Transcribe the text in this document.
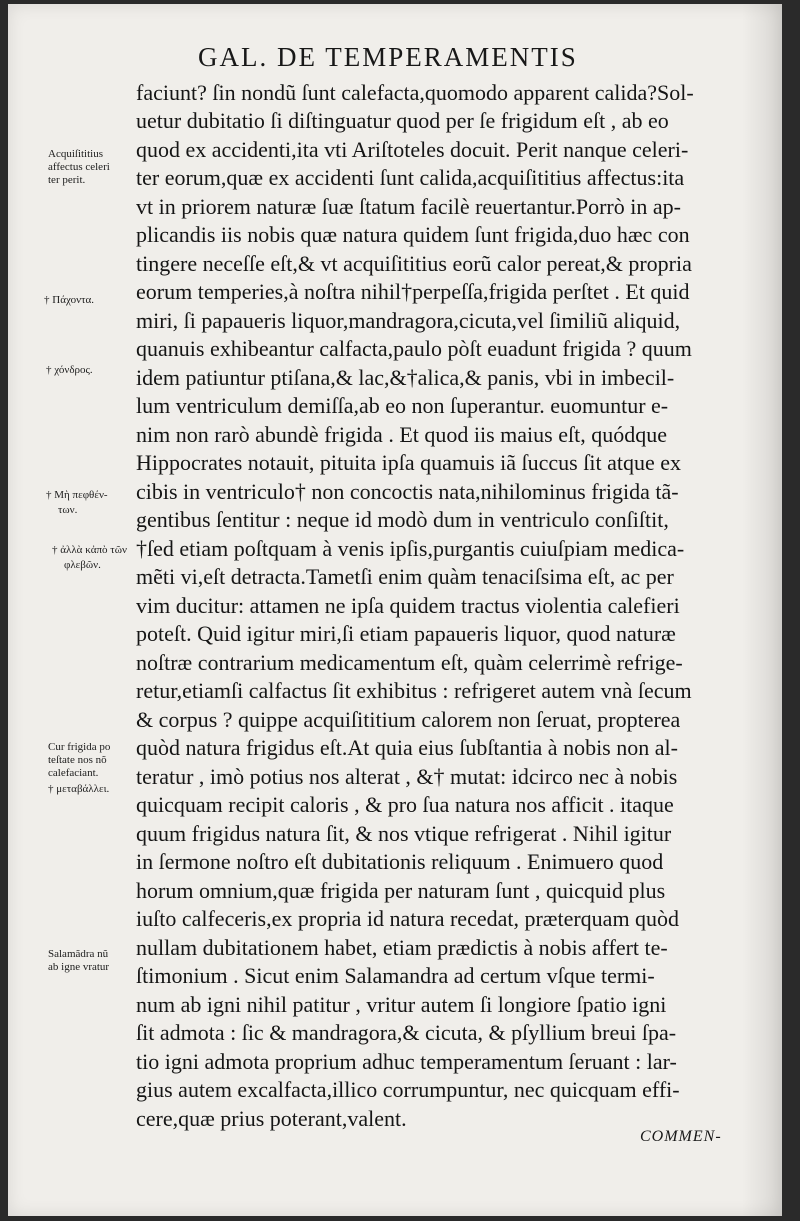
GAL. DE TEMPERAMENTIS
faciunt? ſin nondũ ſunt calefacta,quomodo apparent calida?Sol-
uetur dubitatio ſi diſtinguatur quod per ſe frigidum eſt , ab eo
quod ex accidenti,ita vti Ariſtoteles docuit. Perit nanque celeri-
ter eorum,quæ ex accidenti ſunt calida,acquiſititius affectus:ita
vt in priorem naturæ ſuæ ſtatum facilè reuertantur.Porrò in ap-
plicandis iis nobis quæ natura quidem ſunt frigida,duo hæc con
tingere neceſſe eſt,& vt acquiſititius eorũ calor pereat,& propria
eorum temperies,à noſtra nihil†perpeſſa,frigida perſtet . Et quid
miri, ſi papaueris liquor,mandragora,cicuta,vel ſimiliũ aliquid,
quanuis exhibeantur calfacta,paulo pòſt euadunt frigida ? quum
idem patiuntur ptiſana,& lac,&†alica,& panis, vbi in imbecil-
lum ventriculum demiſſa,ab eo non ſuperantur. euomuntur e-
nim non rarò abundè frigida . Et quod iis maius eſt, quódque
Hippocrates notauit, pituita ipſa quamuis iã ſuccus ſit atque ex
cibis in ventriculo† non concoctis nata,nihilominus frigida tã-
gentibus ſentitur : neque id modò dum in ventriculo conſiſtit,
†ſed etiam poſtquam à venis ipſis,purgantis cuiuſpiam medica-
mẽti vi,eſt detracta.Tametſi enim quàm tenaciſsima eſt, ac per
vim ducitur: attamen ne ipſa quidem tractus violentia calefieri
poteſt. Quid igitur miri,ſi etiam papaueris liquor, quod naturæ
noſtræ contrarium medicamentum eſt, quàm celerrimè refrige-
retur,etiamſi calfactus ſit exhibitus : refrigeret autem vnà ſecum
& corpus ? quippe acquiſititium calorem non ſeruat, propterea
quòd natura frigidus eſt.At quia eius ſubſtantia à nobis non al-
teratur , imò potius nos alterat , &† mutat: idcirco nec à nobis
quicquam recipit caloris , & pro ſua natura nos afficit . itaque
quum frigidus natura ſit, & nos vtique refrigerat . Nihil igitur
in ſermone noſtro eſt dubitationis reliquum . Enimuero quod
horum omnium,quæ frigida per naturam ſunt , quicquid plus
iuſto calfeceris,ex propria id natura recedat, præterquam quòd
nullam dubitationem habet, etiam prædictis à nobis affert te-
ſtimonium . Sicut enim Salamandra ad certum vſque termi-
num ab igni nihil patitur , vritur autem ſi longiore ſpatio igni
ſit admota : ſic & mandragora,& cicuta, & pſyllium breui ſpa-
tio igni admota proprium adhuc temperamentum ſeruant : lar-
gius autem excalfacta,illico corrumpuntur, nec quicquam effi-
cere,quæ prius poterant,valent.
Acquiſititius
affectus celeri
ter perit.
† Πάχοντα.
† χόνδρος.
† Μὴ πεφθέν-
των.
† ἀλλὰ κἀπὸ τῶν
φλεβῶν.
Cur frigida po
teſtate nos nõ
calefaciant.
† μεταβάλλει.
Salamãdra nũ
ab igne vratur
COMMEN-
